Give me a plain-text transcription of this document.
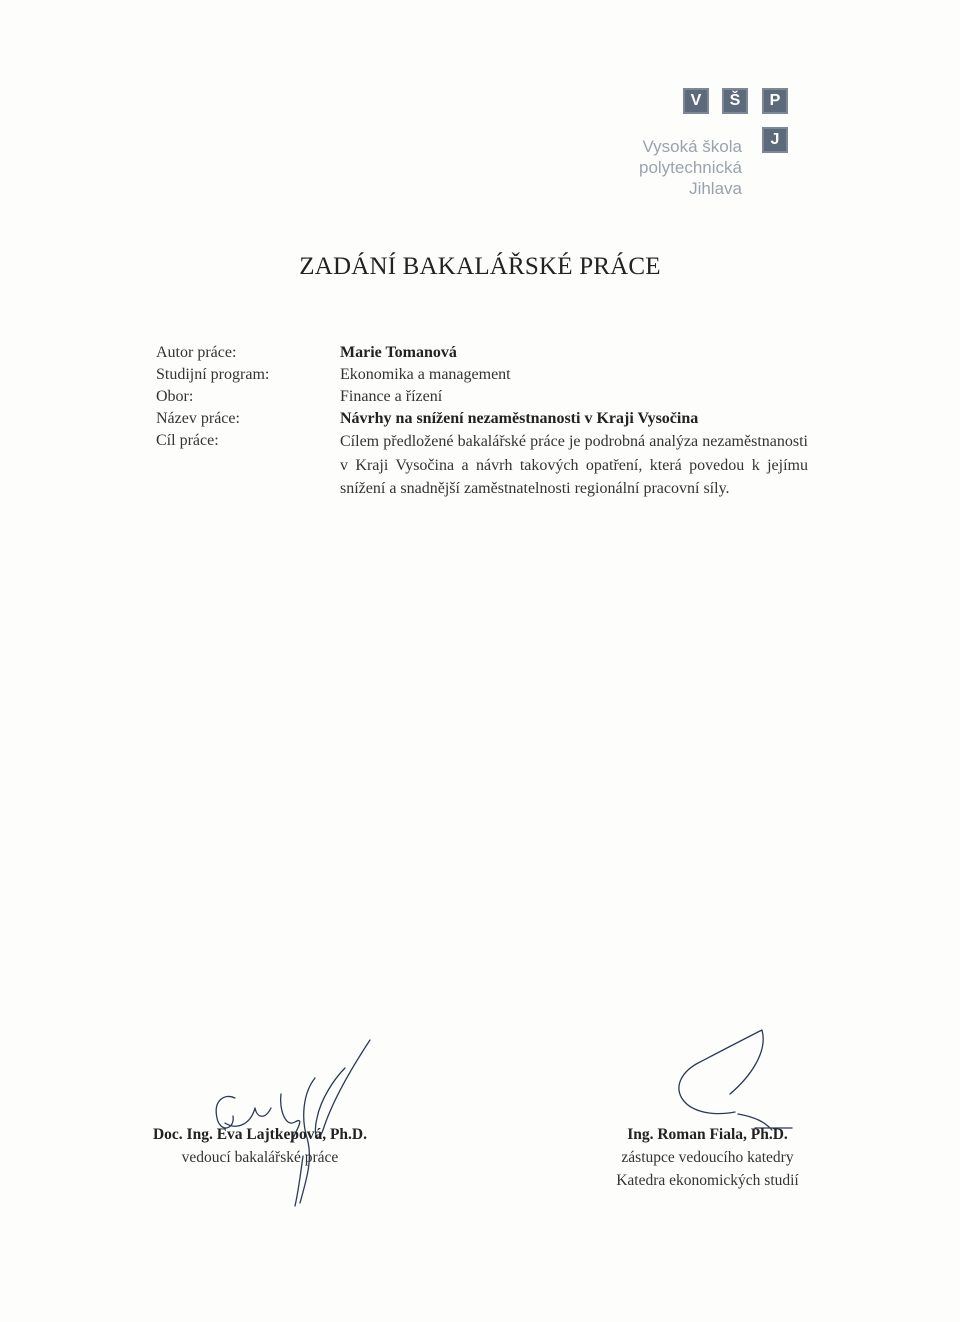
V	Š	P
J
Vysoká škola
polytechnická
Jihlava
ZADÁNÍ BAKALÁŘSKÉ PRÁCE
Autor práce:
Studijní program:
Obor:
Název práce:
Cíl práce:
Marie Tomanová
Ekonomika a management
Finance a řízení
Návrhy na snížení nezaměstnanosti v Kraji Vysočina
Cílem předložené bakalářské práce je podrobná analýza nezaměstnanosti v Kraji Vysočina a návrh takových opatření, která povedou k jejímu snížení a snadnější zaměstnatelnosti regionální pracovní síly.
Doc. Ing. Eva Lajtkepová, Ph.D.
vedoucí bakalářské práce
Ing. Roman Fiala, Ph.D.
zástupce vedoucího katedry
Katedra ekonomických studií
